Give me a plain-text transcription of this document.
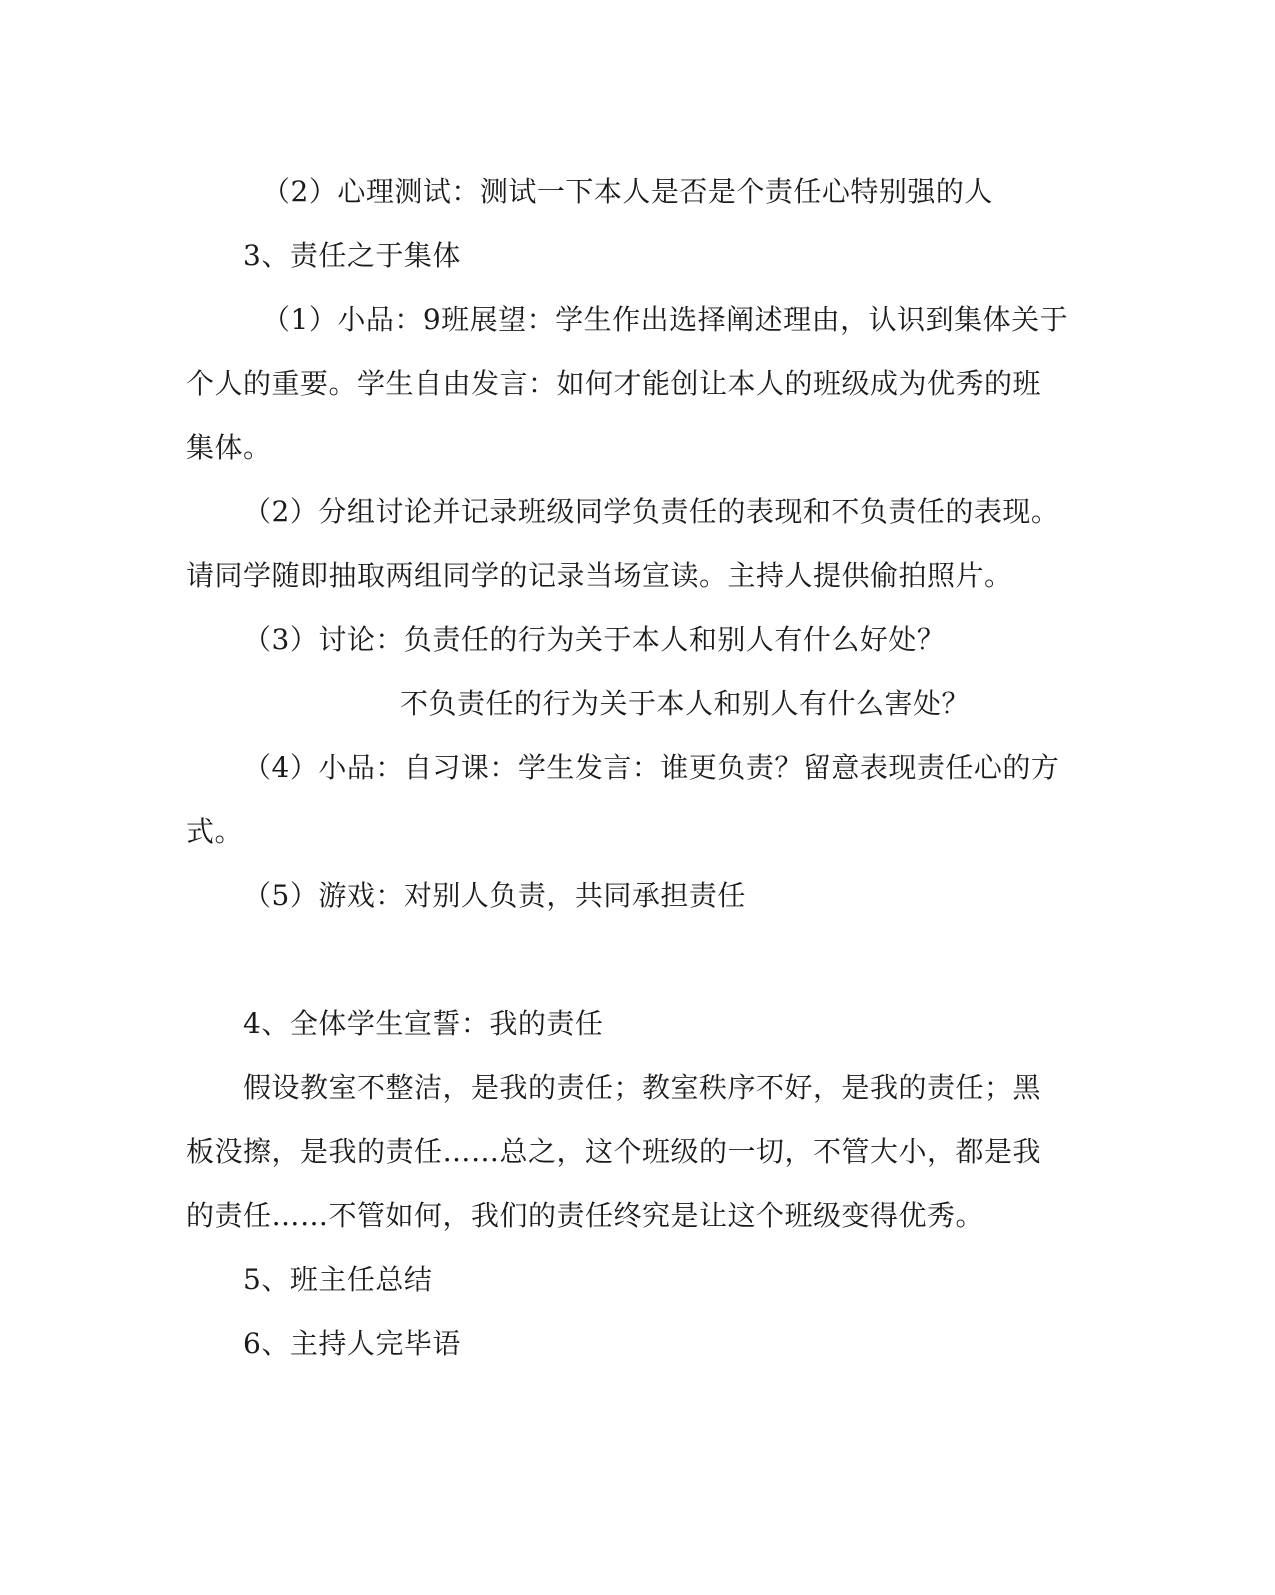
（2）心理测试：测试一下本人是否是个责任心特别强的人
3、责任之于集体
（1）小品：9班展望：学生作出选择阐述理由，认识到集体关于
个人的重要。学生自由发言：如何才能创让本人的班级成为优秀的班
集体。
（2）分组讨论并记录班级同学负责任的表现和不负责任的表现。
请同学随即抽取两组同学的记录当场宣读。主持人提供偷拍照片。
（3）讨论：负责任的行为关于本人和别人有什么好处？
不负责任的行为关于本人和别人有什么害处？
（4）小品：自习课：学生发言：谁更负责？留意表现责任心的方
式。
（5）游戏：对别人负责，共同承担责任
4、全体学生宣誓：我的责任
假设教室不整洁，是我的责任；教室秩序不好，是我的责任；黑
板没擦，是我的责任……总之，这个班级的一切，不管大小，都是我
的责任……不管如何，我们的责任终究是让这个班级变得优秀。
5、班主任总结
6、主持人完毕语
